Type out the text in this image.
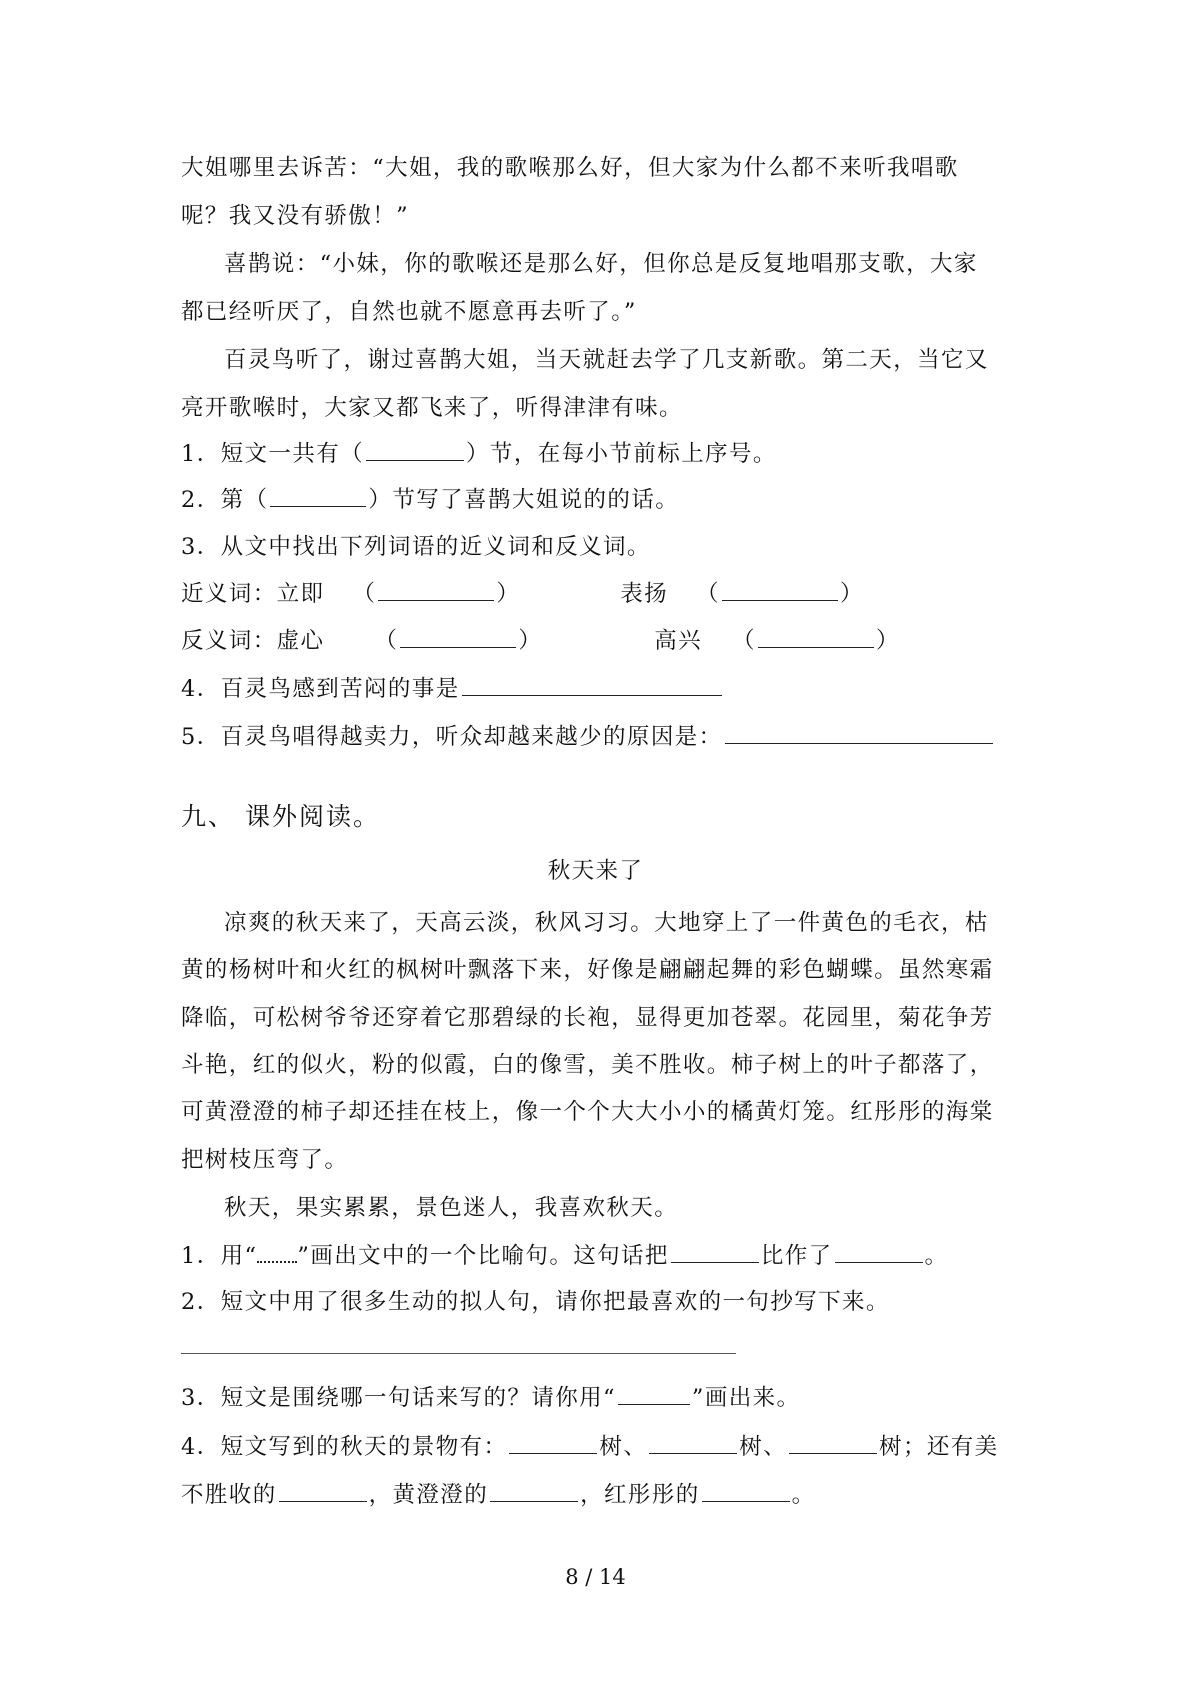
大姐哪里去诉苦：“大姐，我的歌喉那么好，但大家为什么都不来听我唱歌
呢？我又没有骄傲！”
喜鹊说：“小妹，你的歌喉还是那么好，但你总是反复地唱那支歌，大家
都已经听厌了，自然也就不愿意再去听了。”
百灵鸟听了，谢过喜鹊大姐，当天就赶去学了几支新歌。第二天，当它又
亮开歌喉时，大家又都飞来了，听得津津有味。
1．短文一共有（	）节，在每小节前标上序号。
2．第（	）节写了喜鹊大姐说的的话。
3．从文中找出下列词语的近义词和反义词。
近义词：立即 （	）	表扬 （	）
反义词：虚心 （	）	高兴 （	）
4．百灵鸟感到苦闷的事是
5．百灵鸟唱得越卖力，听众却越来越少的原因是：
九、 课外阅读。
秋天来了
凉爽的秋天来了，天高云淡，秋风习习。大地穿上了一件黄色的毛衣，枯
黄的杨树叶和火红的枫树叶飘落下来，好像是翩翩起舞的彩色蝴蝶。虽然寒霜
降临，可松树爷爷还穿着它那碧绿的长袍，显得更加苍翠。花园里，菊花争芳
斗艳，红的似火，粉的似霞，白的像雪，美不胜收。柿子树上的叶子都落了，
可黄澄澄的柿子却还挂在枝上，像一个个大大小小的橘黄灯笼。红彤彤的海棠
把树枝压弯了。
秋天，果实累累，景色迷人，我喜欢秋天。
1．用“ ”画出文中的一个比喻句。这句话把	比作了	。
2．短文中用了很多生动的拟人句，请你把最喜欢的一句抄写下来。
3．短文是围绕哪一句话来写的？请你用“	”画出来。
4．短文写到的秋天的景物有：	树、	树、	树；还有美
不胜收的	，黄澄澄的	，红彤彤的	。
8 / 14
